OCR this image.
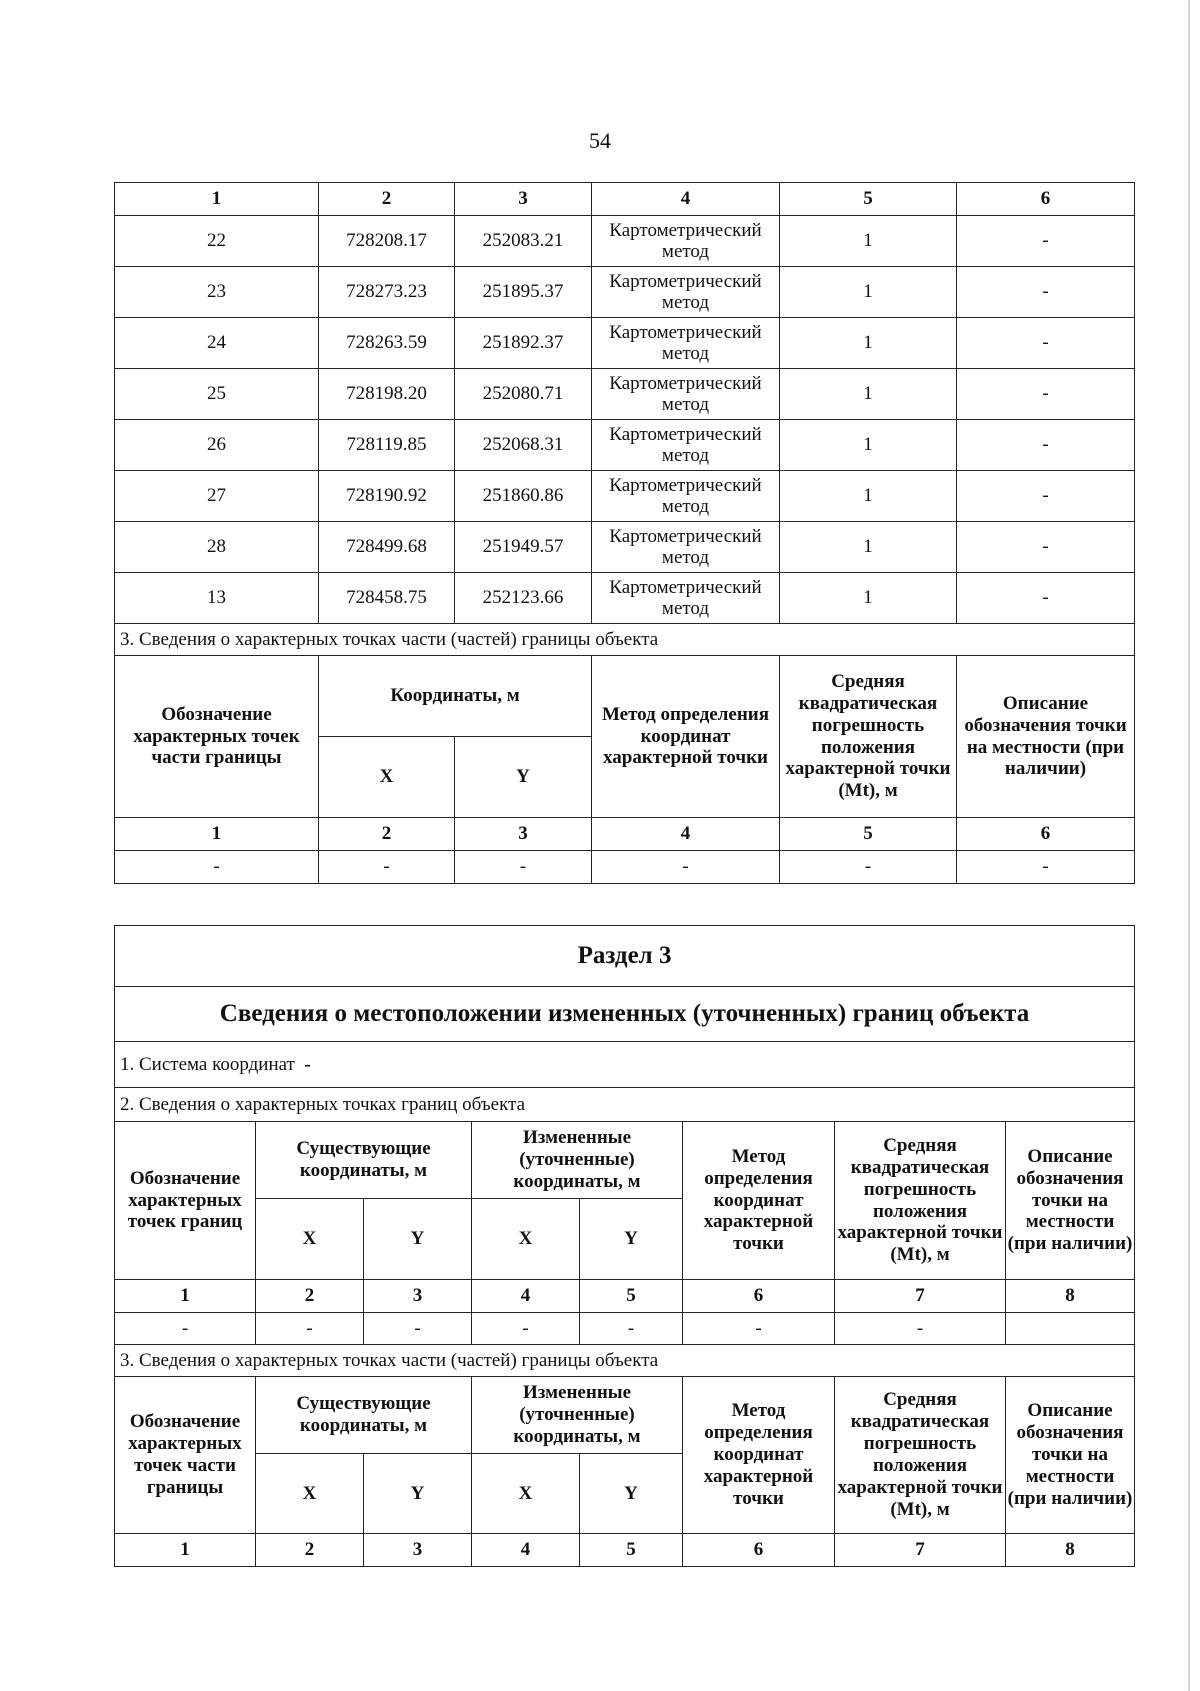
54
1	2	3	4	5	6
22	728208.17	252083.21	Картометрический метод	1	-
23	728273.23	251895.37	Картометрический метод	1	-
24	728263.59	251892.37	Картометрический метод	1	-
25	728198.20	252080.71	Картометрический метод	1	-
26	728119.85	252068.31	Картометрический метод	1	-
27	728190.92	251860.86	Картометрический метод	1	-
28	728499.68	251949.57	Картометрический метод	1	-
13	728458.75	252123.66	Картометрический метод	1	-
3. Сведения о характерных точках части (частей) границы объекта					
Обозначение характерных точек части границы	Координаты, м		Метод определения координат характерной точки	Средняя квадратическая погрешность положения характерной точки (Mt), м	Описание обозначения точки на местности (при наличии)
	X	Y			
1	2	3	4	5	6
-	-	-	-	-	-
Раздел 3							
Сведения о местоположении измененных (уточненных) границ объекта							
1. Система координат -							
2. Сведения о характерных точках границ объекта							
Обозначение характерных точек границ	Существующие координаты, м		Измененные (уточненные) координаты, м		Метод определения координат характерной точки	Средняя квадратическая погрешность положения характерной точки (Mt), м	Описание обозначения точки на местности (при наличии)
	X	Y	X	Y			
1	2	3	4	5	6	7	8
-	-	-	-	-	-	-	
3. Сведения о характерных точках части (частей) границы объекта							
Обозначение характерных точек части границы	Существующие координаты, м		Измененные (уточненные) координаты, м		Метод определения координат характерной точки	Средняя квадратическая погрешность положения характерной точки (Mt), м	Описание обозначения точки на местности (при наличии)
	X	Y	X	Y			
1	2	3	4	5	6	7	8
